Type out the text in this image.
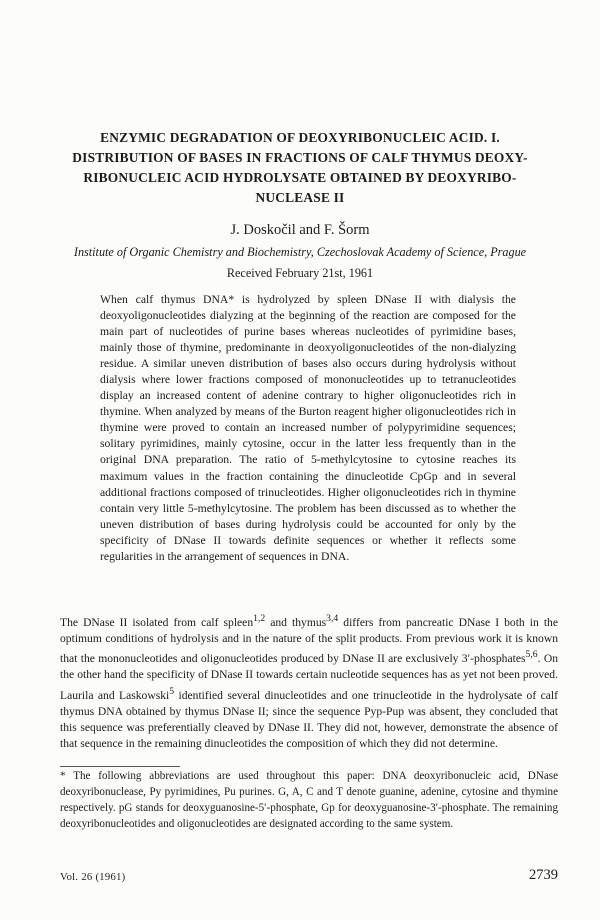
ENZYMIC DEGRADATION OF DEOXYRIBONUCLEIC ACID. I.
DISTRIBUTION OF BASES IN FRACTIONS OF CALF THYMUS DEOXY-
RIBONUCLEIC ACID HYDROLYSATE OBTAINED BY DEOXYRIBO-
NUCLEASE II
J. Doskočil and F. Šorm
Institute of Organic Chemistry and Biochemistry, Czechoslovak Academy of Science, Prague
Received February 21st, 1961

When calf thymus DNA* is hydrolyzed by spleen DNase II with dialysis the deoxyoligonucleotides dialyzing at the beginning of the reaction are composed for the main part of nucleotides of purine bases whereas nucleotides of pyrimidine bases, mainly those of thymine, predominante in deoxyoligonucleotides of the non-dialyzing residue. A similar uneven distribution of bases also occurs during hydrolysis without dialysis where lower fractions composed of mononucleotides up to tetranucleotides display an increased content of adenine contrary to higher oligonucleotides rich in thymine. When analyzed by means of the Burton reagent higher oligonucleotides rich in thymine were proved to contain an increased number of polypyrimidine sequences; solitary pyrimidines, mainly cytosine, occur in the latter less frequently than in the original DNA preparation. The ratio of 5-methylcytosine to cytosine reaches its maximum values in the fraction containing the dinucleotide CpGp and in several additional fractions composed of trinucleotides. Higher oligonucleotides rich in thymine contain very little 5-methylcytosine. The problem has been discussed as to whether the uneven distribution of bases during hydrolysis could be accounted for only by the specificity of DNase II towards definite sequences or whether it reflects some regularities in the arrangement of sequences in DNA.

The DNase II isolated from calf spleen$^{1,2}$ and thymus$^{3,4}$ differs from pancreatic DNase I both in the optimum conditions of hydrolysis and in the nature of the split products. From previous work it is known that the mononucleotides and oligonucleotides produced by DNase II are exclusively 3′-phosphates$^{5,6}$. On the other hand the specificity of DNase II towards certain nucleotide sequences has as yet not been proved. Laurila and Laskowski$^5$ identified several dinucleotides and one trinucleotide in the hydrolysate of calf thymus DNA obtained by thymus DNase II; since the sequence Pyp-Pup was absent, they concluded that this sequence was preferentially cleaved by DNase II. They did not, however, demonstrate the absence of that sequence in the remaining dinucleotides the composition of which they did not determine.

* The following abbreviations are used throughout this paper: DNA deoxyribonucleic acid, DNase deoxyribonuclease, Py pyrimidines, Pu purines. G, A, C and T denote guanine, adenine, cytosine and thymine respectively. pG stands for deoxyguanosine-5′-phosphate, Gp for deoxyguanosine-3′-phosphate. The remaining deoxyribonucleotides and oligonucleotides are designated according to the same system.

Vol. 26 (1961)	2739
